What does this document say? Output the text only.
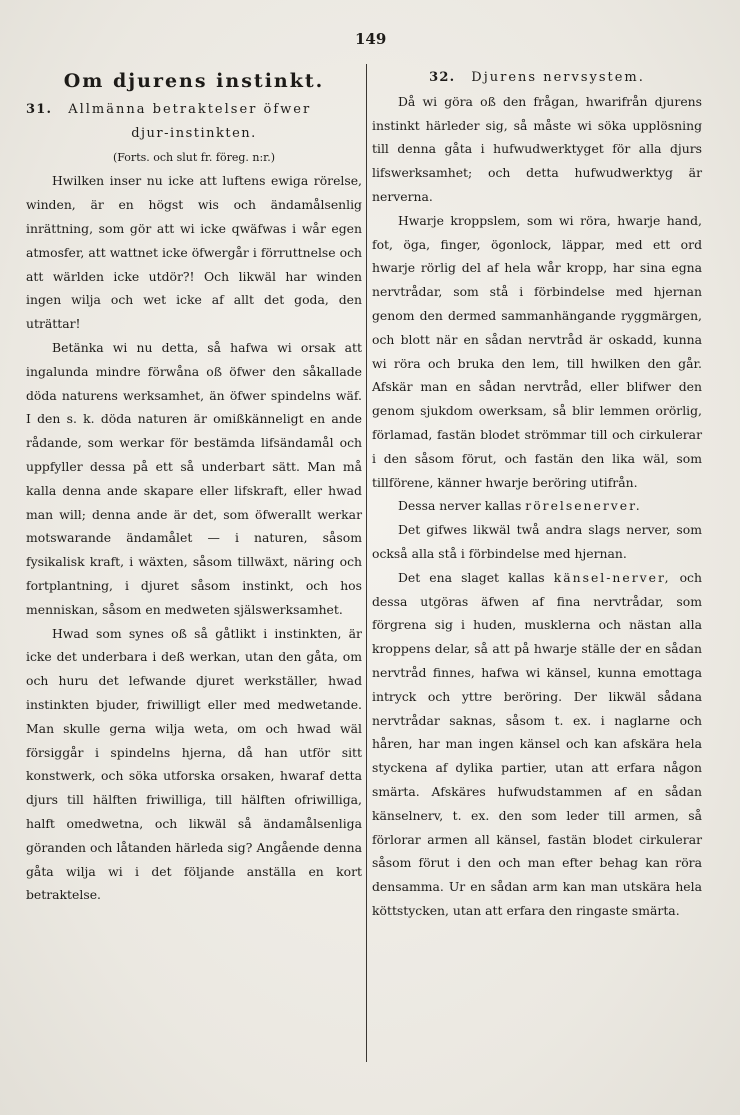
149
Om djurens instinkt.

31. Allmänna betraktelser öfwer

djur-instinkten.

(Forts. och slut fr. föreg. n:r.)

Hwilken inser nu icke att luftens ewiga rörelse, winden, är en högst wis och ändamålsenlig inrättning, som gör att wi icke qwäfwas i wår egen atmosfer, att wattnet icke öfwergår i förruttnelse och att wärlden icke utdör?! Och likwäl har winden ingen wilja och wet icke af allt det goda, den uträttar!

Betänka wi nu detta, så hafwa wi orsak att ingalunda mindre förwåna oß öfwer den såkallade döda naturens werksamhet, än öfwer spindelns wäf. I den s. k. döda naturen är omißkänneligt en ande rådande, som werkar för bestämda lifsändamål och uppfyller dessa på ett så underbart sätt. Man må kalla denna ande skapare eller lifskraft, eller hwad man will; denna ande är det, som öfwerallt werkar motswarande ändamålet — i naturen, såsom fysikalisk kraft, i wäxten, såsom tillwäxt, näring och fortplantning, i djuret såsom instinkt, och hos menniskan, såsom en medweten själswerksamhet.

Hwad som synes oß så gåtlikt i instinkten, är icke det underbara i deß werkan, utan den gåta, om och huru det lefwande djuret werkställer, hwad instinkten bjuder, friwilligt eller med medwetande. Man skulle gerna wilja weta, om och hwad wäl försiggår i spindelns hjerna, då han utför sitt konstwerk, och söka utforska orsaken, hwaraf detta djurs till hälften friwilliga, till hälften ofriwilliga, halft omedwetna, och likwäl så ändamålsenliga göranden och låtanden härleda sig? Angående denna gåta wilja wi i det följande anställa en kort betraktelse.

32. Djurens nervsystem.

Då wi göra oß den frågan, hwarifrån djurens instinkt härleder sig, så måste wi söka upplösning till denna gåta i hufwudwerktyget för alla djurs lifswerksamhet; och detta hufwudwerktyg är nerverna.

Hwarje kroppslem, som wi röra, hwarje hand, fot, öga, finger, ögonlock, läppar, med ett ord hwarje rörlig del af hela wår kropp, har sina egna nervtrådar, som stå i förbindelse med hjernan genom den dermed sammanhängande ryggmärgen, och blott när en sådan nervtråd är oskadd, kunna wi röra och bruka den lem, till hwilken den går. Afskär man en sådan nervtråd, eller blifwer den genom sjukdom owerksam, så blir lemmen orörlig, förlamad, fastän blodet strömmar till och cirkulerar i den såsom förut, och fastän den lika wäl, som tillförene, känner hwarje beröring utifrån.

Dessa nerver kallas rörelsenerver.

Det gifwes likwäl twå andra slags nerver, som också alla stå i förbindelse med hjernan.

Det ena slaget kallas känsel-nerver, och dessa utgöras äfwen af fina nervtrådar, som förgrena sig i huden, musklerna och nästan alla kroppens delar, så att på hwarje ställe der en sådan nervtråd finnes, hafwa wi känsel, kunna emottaga intryck och yttre beröring. Der likwäl sådana nervtrådar saknas, såsom t. ex. i naglarne och håren, har man ingen känsel och kan afskära hela styckena af dylika partier, utan att erfara någon smärta. Afskäres hufwudstammen af en sådan känselnerv, t. ex. den som leder till armen, så förlorar armen all känsel, fastän blodet cirkulerar såsom förut i den och man efter behag kan röra densamma. Ur en sådan arm kan man utskära hela köttstycken, utan att erfara den ringaste smärta.
